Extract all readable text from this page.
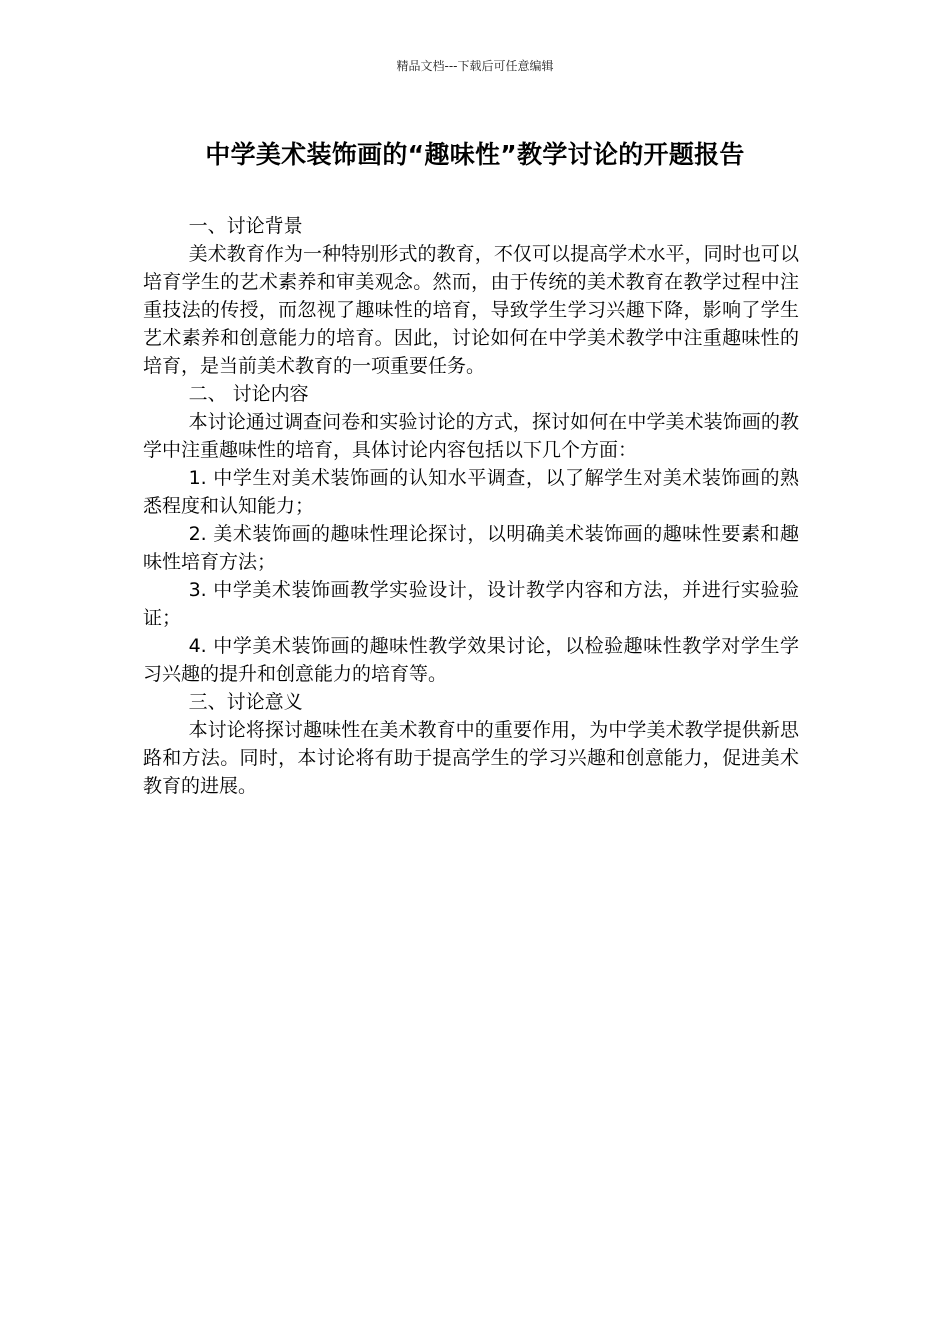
精品文档---下载后可任意编辑
中学美术装饰画的“趣味性”教学讨论的开题报告

一、讨论背景

美术教育作为一种特别形式的教育，不仅可以提高学术水平，同时也可以培育学生的艺术素养和审美观念。然而，由于传统的美术教育在教学过程中注重技法的传授，而忽视了趣味性的培育，导致学生学习兴趣下降，影响了学生艺术素养和创意能力的培育。因此，讨论如何在中学美术教学中注重趣味性的培育，是当前美术教育的一项重要任务。

二、 讨论内容

本讨论通过调查问卷和实验讨论的方式，探讨如何在中学美术装饰画的教学中注重趣味性的培育，具体讨论内容包括以下几个方面：

1. 中学生对美术装饰画的认知水平调查，以了解学生对美术装饰画的熟悉程度和认知能力；

2. 美术装饰画的趣味性理论探讨，以明确美术装饰画的趣味性要素和趣味性培育方法；

3. 中学美术装饰画教学实验设计，设计教学内容和方法，并进行实验验证；

4. 中学美术装饰画的趣味性教学效果讨论，以检验趣味性教学对学生学习兴趣的提升和创意能力的培育等。

三、讨论意义

本讨论将探讨趣味性在美术教育中的重要作用，为中学美术教学提供新思路和方法。同时，本讨论将有助于提高学生的学习兴趣和创意能力，促进美术教育的进展。
